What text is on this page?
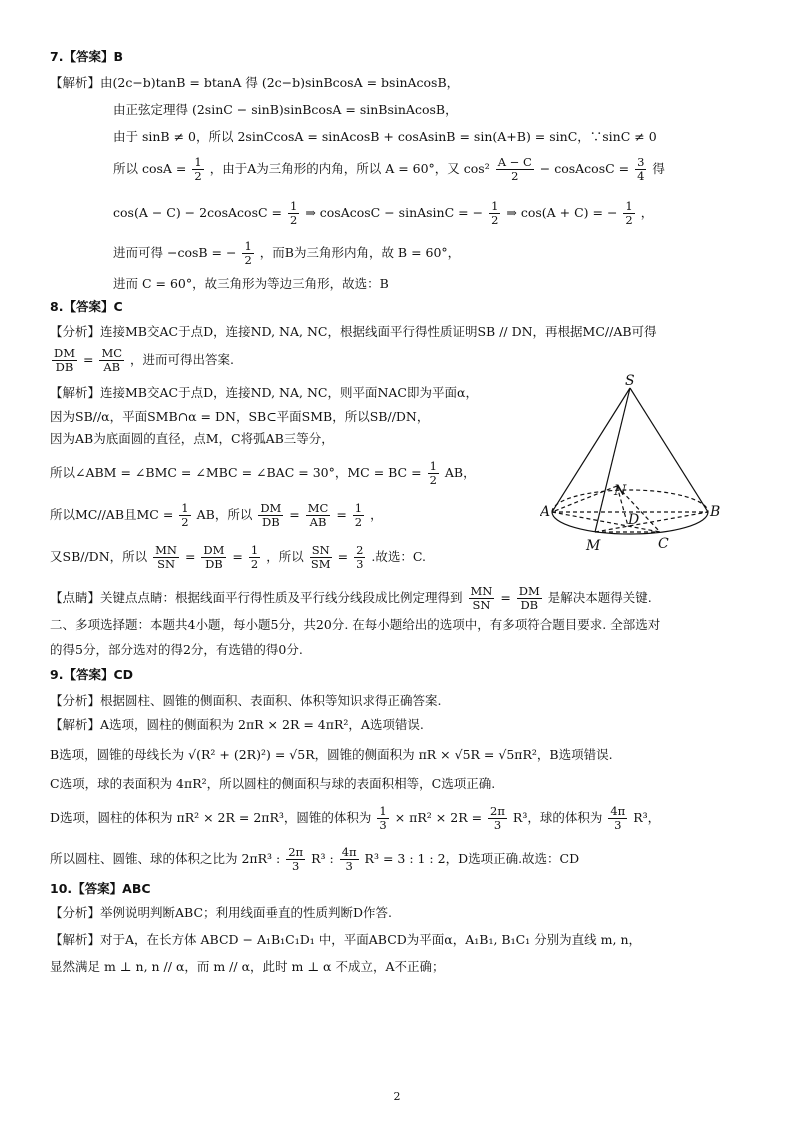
7.【答案】B
【解析】由(2c−b)tanB = btanA 得 (2c−b)sinBcosA = bsinAcosB，
由正弦定理得 (2sinC − sinB)sinBcosA = sinBsinAcosB，
由于 sinB ≠ 0，所以 2sinCcosA = sinAcosB + cosAsinB = sin(A+B) = sinC，∵sinC ≠ 0
所以 $\cos A = \frac{1}{2}$ ，由于A为三角形的内角，所以 A = 60°，又 $\cos^2 \frac{A - C}{2}$ − cosAcosC = $\frac{3}{4}$ 得
cos(A − C) − 2cosAcosC = $\frac{1}{2}$ ⇒ cosAcosC − sinAsinC = − $\frac{1}{2}$ ⇒ cos(A + C) = − $\frac{1}{2}$ ，
进而可得 −cosB = − $\frac{1}{2}$ ，而B为三角形内角，故 B = 60°，
进而 C = 60°，故三角形为等边三角形，故选：B
8.【答案】C
【分析】连接MB交AC于点D，连接ND, NA, NC，根据线面平行得性质证明SB // DN，再根据MC//AB可得
$\frac{DM}{DB} = \frac{MC}{AB}$ ，进而可得出答案.
【解析】连接MB交AC于点D，连接ND, NA, NC，则平面NAC即为平面α，
因为SB//α，平面SMB∩α = DN，SB⊂平面SMB，所以SB//DN，
因为AB为底面圆的直径，点M，C将弧AB三等分，
所以∠ABM = ∠BMC = ∠MBC = ∠BAC = 30°，MC = BC = $\frac{1}{2}$ AB，
所以MC//AB且MC = $\frac{1}{2}$ AB，所以 $\frac{DM}{DB} = \frac{MC}{AB} = \frac{1}{2}$ ，
又SB//DN，所以 $\frac{MN}{SN} = \frac{DM}{DB} = \frac{1}{2}$ ，所以 $\frac{SN}{SM} = \frac{2}{3}$ .故选：C.
【点睛】关键点点睛：根据线面平行得性质及平行线分线段成比例定理得到 $\frac{MN}{SN} = \frac{DM}{DB}$ 是解决本题得关键.
S
A	B
N
D
M	C
二、多项选择题：本题共4小题，每小题5分，共20分. 在每小题给出的选项中，有多项符合题目要求. 全部选对
的得5分，部分选对的得2分，有选错的得0分.
9.【答案】CD
【分析】根据圆柱、圆锥的侧面积、表面积、体积等知识求得正确答案.
【解析】A选项，圆柱的侧面积为 2πR × 2R = 4πR²，A选项错误.
B选项，圆锥的母线长为 √(R² + (2R)²) = √5R，圆锥的侧面积为 πR × √5R = √5πR²，B选项错误.
C选项，球的表面积为 4πR²，所以圆柱的侧面积与球的表面积相等，C选项正确.
D选项，圆柱的体积为 πR² × 2R = 2πR³，圆锥的体积为 $\frac{1}{3} \times \pi R^2 \times 2R = \frac{2\pi}{3} R^3$，球的体积为 $\frac{4\pi}{3} R^3$，
所以圆柱、圆锥、球的体积之比为 2πR³ : $\frac{2\pi}{3} R^3$ : $\frac{4\pi}{3} R^3 = 3$ : 1 : 2，D选项正确.故选：CD
10.【答案】ABC
【分析】举例说明判断ABC；利用线面垂直的性质判断D作答.
【解析】对于A，在长方体 ABCD − A₁B₁C₁D₁ 中，平面ABCD为平面α，A₁B₁, B₁C₁ 分别为直线 m, n，
显然满足 m ⊥ n, n // α，而 m // α，此时 m ⊥ α 不成立，A不正确；
2
